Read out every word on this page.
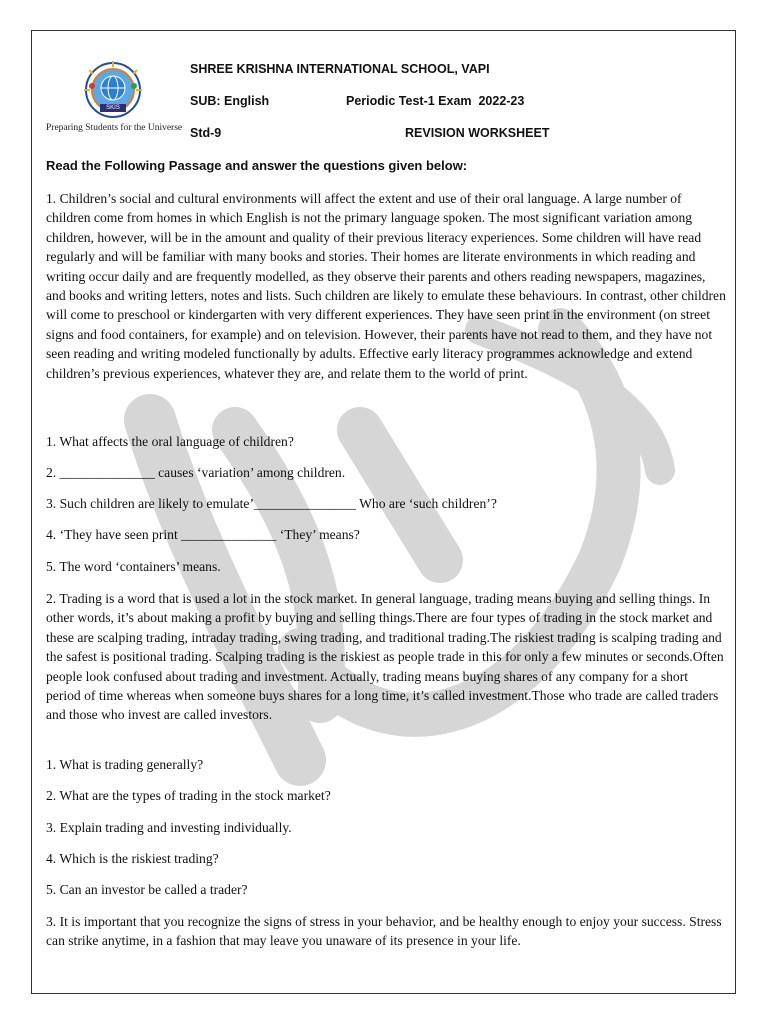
SKIS
Preparing Students for the Universe
SHREE KRISHNA INTERNATIONAL SCHOOL, VAPI
SUB: English	Periodic Test-1 Exam  2022-23
Std-9	REVISION WORKSHEET
Read the Following Passage and answer the questions given below:

1. Children’s social and cultural environments will affect the extent and use of their oral language. A large number of children come from homes in which English is not the primary language spoken. The most significant variation among children, however, will be in the amount and quality of their previous literacy experiences. Some children will have read regularly and will be familiar with many books and stories. Their homes are literate environments in which reading and writing occur daily and are frequently modelled, as they observe their parents and others reading newspapers, magazines, and books and writing letters, notes and lists. Such children are likely to emulate these behaviours. In contrast, other children will come to preschool or kindergarten with very different experiences. They have seen print in the environment (on street signs and food containers, for example) and on television. However, their parents have not read to them, and they have not seen reading and writing modeled functionally by adults. Effective early literacy programmes acknowledge and extend children’s previous experiences, whatever they are, and relate them to the world of print.

1. What affects the oral language of children?

2. ______________ causes ‘variation’ among children.

3. Such children are likely to emulate’_______________ Who are ‘such children’?

4. ‘They have seen print ______________ ‘They’ means?

5. The word ‘containers’ means.

2. Trading is a word that is used a lot in the stock market. In general language, trading means buying and selling things. In other words, it’s about making a profit by buying and selling things.There are four types of trading in the stock market and these are scalping trading, intraday trading, swing trading, and traditional trading.The riskiest trading is scalping trading and the safest is positional trading. Scalping trading is the riskiest as people trade in this for only a few minutes or seconds.Often people look confused about trading and investment. Actually, trading means buying shares of any company for a short period of time whereas when someone buys shares for a long time, it’s called investment.Those who trade are called traders and those who invest are called investors.

1. What is trading generally?

2. What are the types of trading in the stock market?

3. Explain trading and investing individually.

4. Which is the riskiest trading?

5. Can an investor be called a trader?

3. It is important that you recognize the signs of stress in your behavior, and be healthy enough to enjoy your success. Stress can strike anytime, in a fashion that may leave you unaware of its presence in your life.
